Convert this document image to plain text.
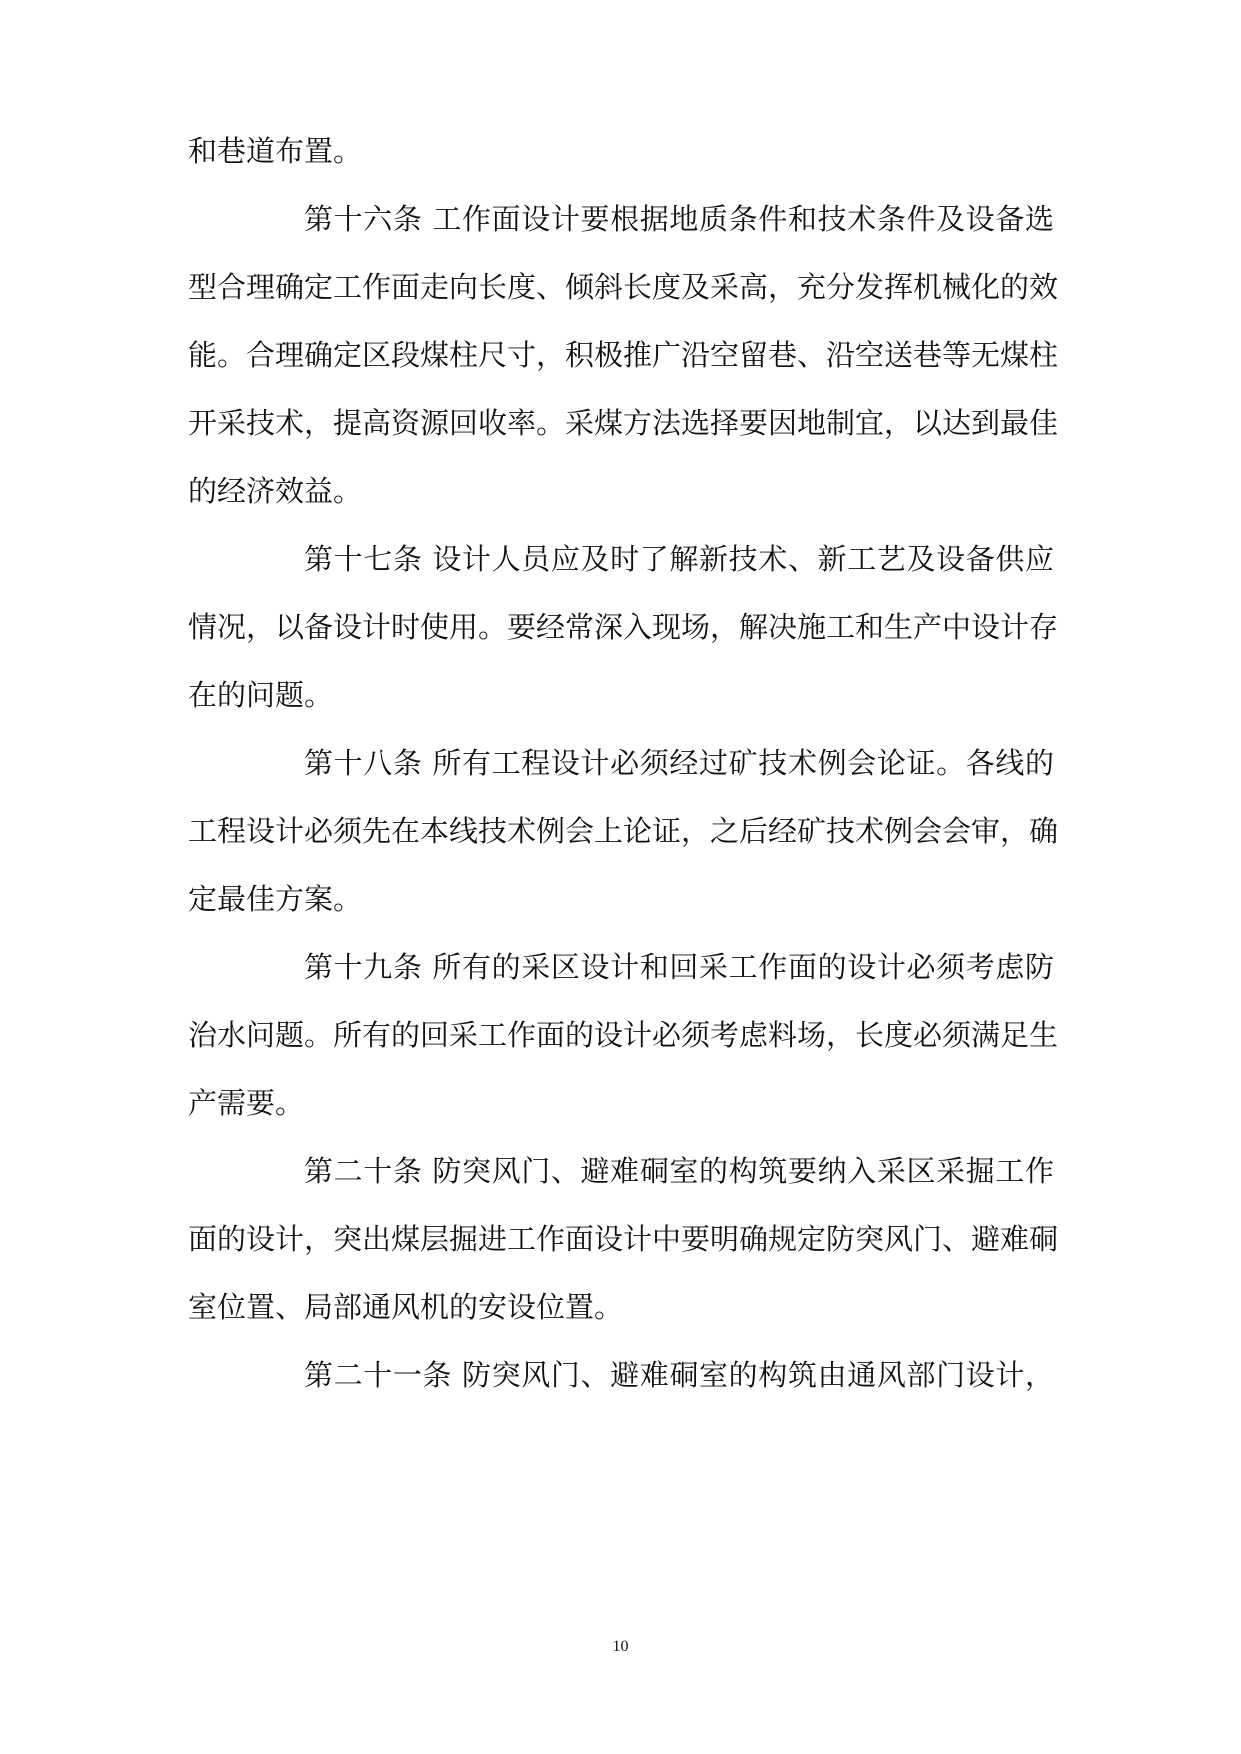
和巷道布置。
第十六条 工作面设计要根据地质条件和技术条件及设备选
型合理确定工作面走向长度、倾斜长度及采高，充分发挥机械化的效
能。合理确定区段煤柱尺寸，积极推广沿空留巷、沿空送巷等无煤柱
开采技术，提高资源回收率。采煤方法选择要因地制宜，以达到最佳
的经济效益。
第十七条 设计人员应及时了解新技术、新工艺及设备供应
情况，以备设计时使用。要经常深入现场，解决施工和生产中设计存
在的问题。
第十八条 所有工程设计必须经过矿技术例会论证。各线的
工程设计必须先在本线技术例会上论证，之后经矿技术例会会审，确
定最佳方案。
第十九条 所有的采区设计和回采工作面的设计必须考虑防
治水问题。所有的回采工作面的设计必须考虑料场，长度必须满足生
产需要。
第二十条 防突风门、避难硐室的构筑要纳入采区采掘工作
面的设计，突出煤层掘进工作面设计中要明确规定防突风门、避难硐
室位置、局部通风机的安设位置。
第二十一条 防突风门、避难硐室的构筑由通风部门设计，
10
